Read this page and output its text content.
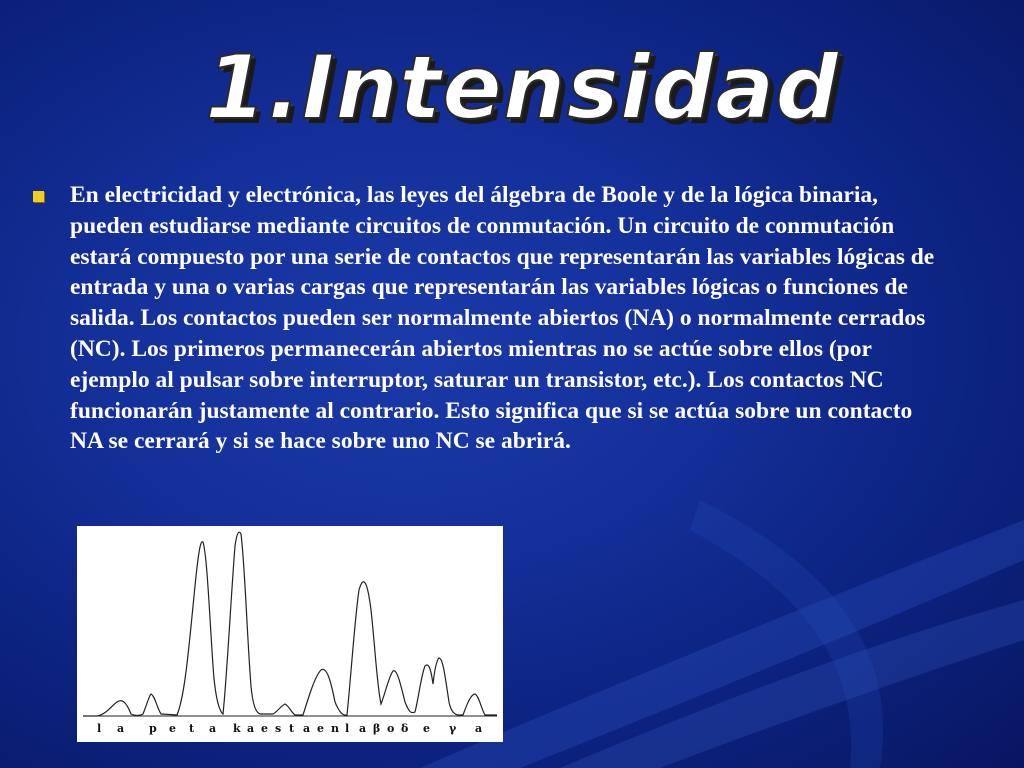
1.Intensidad

En electricidad y electrónica, las leyes del álgebra de Boole y de la lógica binaria, pueden estudiarse mediante circuitos de conmutación. Un circuito de conmutación estará compuesto por una serie de contactos que representarán las variables lógicas de entrada y una o varias cargas que representarán las variables lógicas o funciones de salida. Los contactos pueden ser normalmente abiertos (NA) o normalmente cerrados (NC). Los primeros permanecerán abiertos mientras no se actúe sobre ellos (por ejemplo al pulsar sobre interruptor, saturar un transistor, etc.). Los contactos NC funcionarán justamente al contrario. Esto significa que si se actúa sobre un contacto NA se cerrará y si se hace sobre uno NC se abrirá.

l a p e t a k a e s t a e n l a β o δ e γ a
